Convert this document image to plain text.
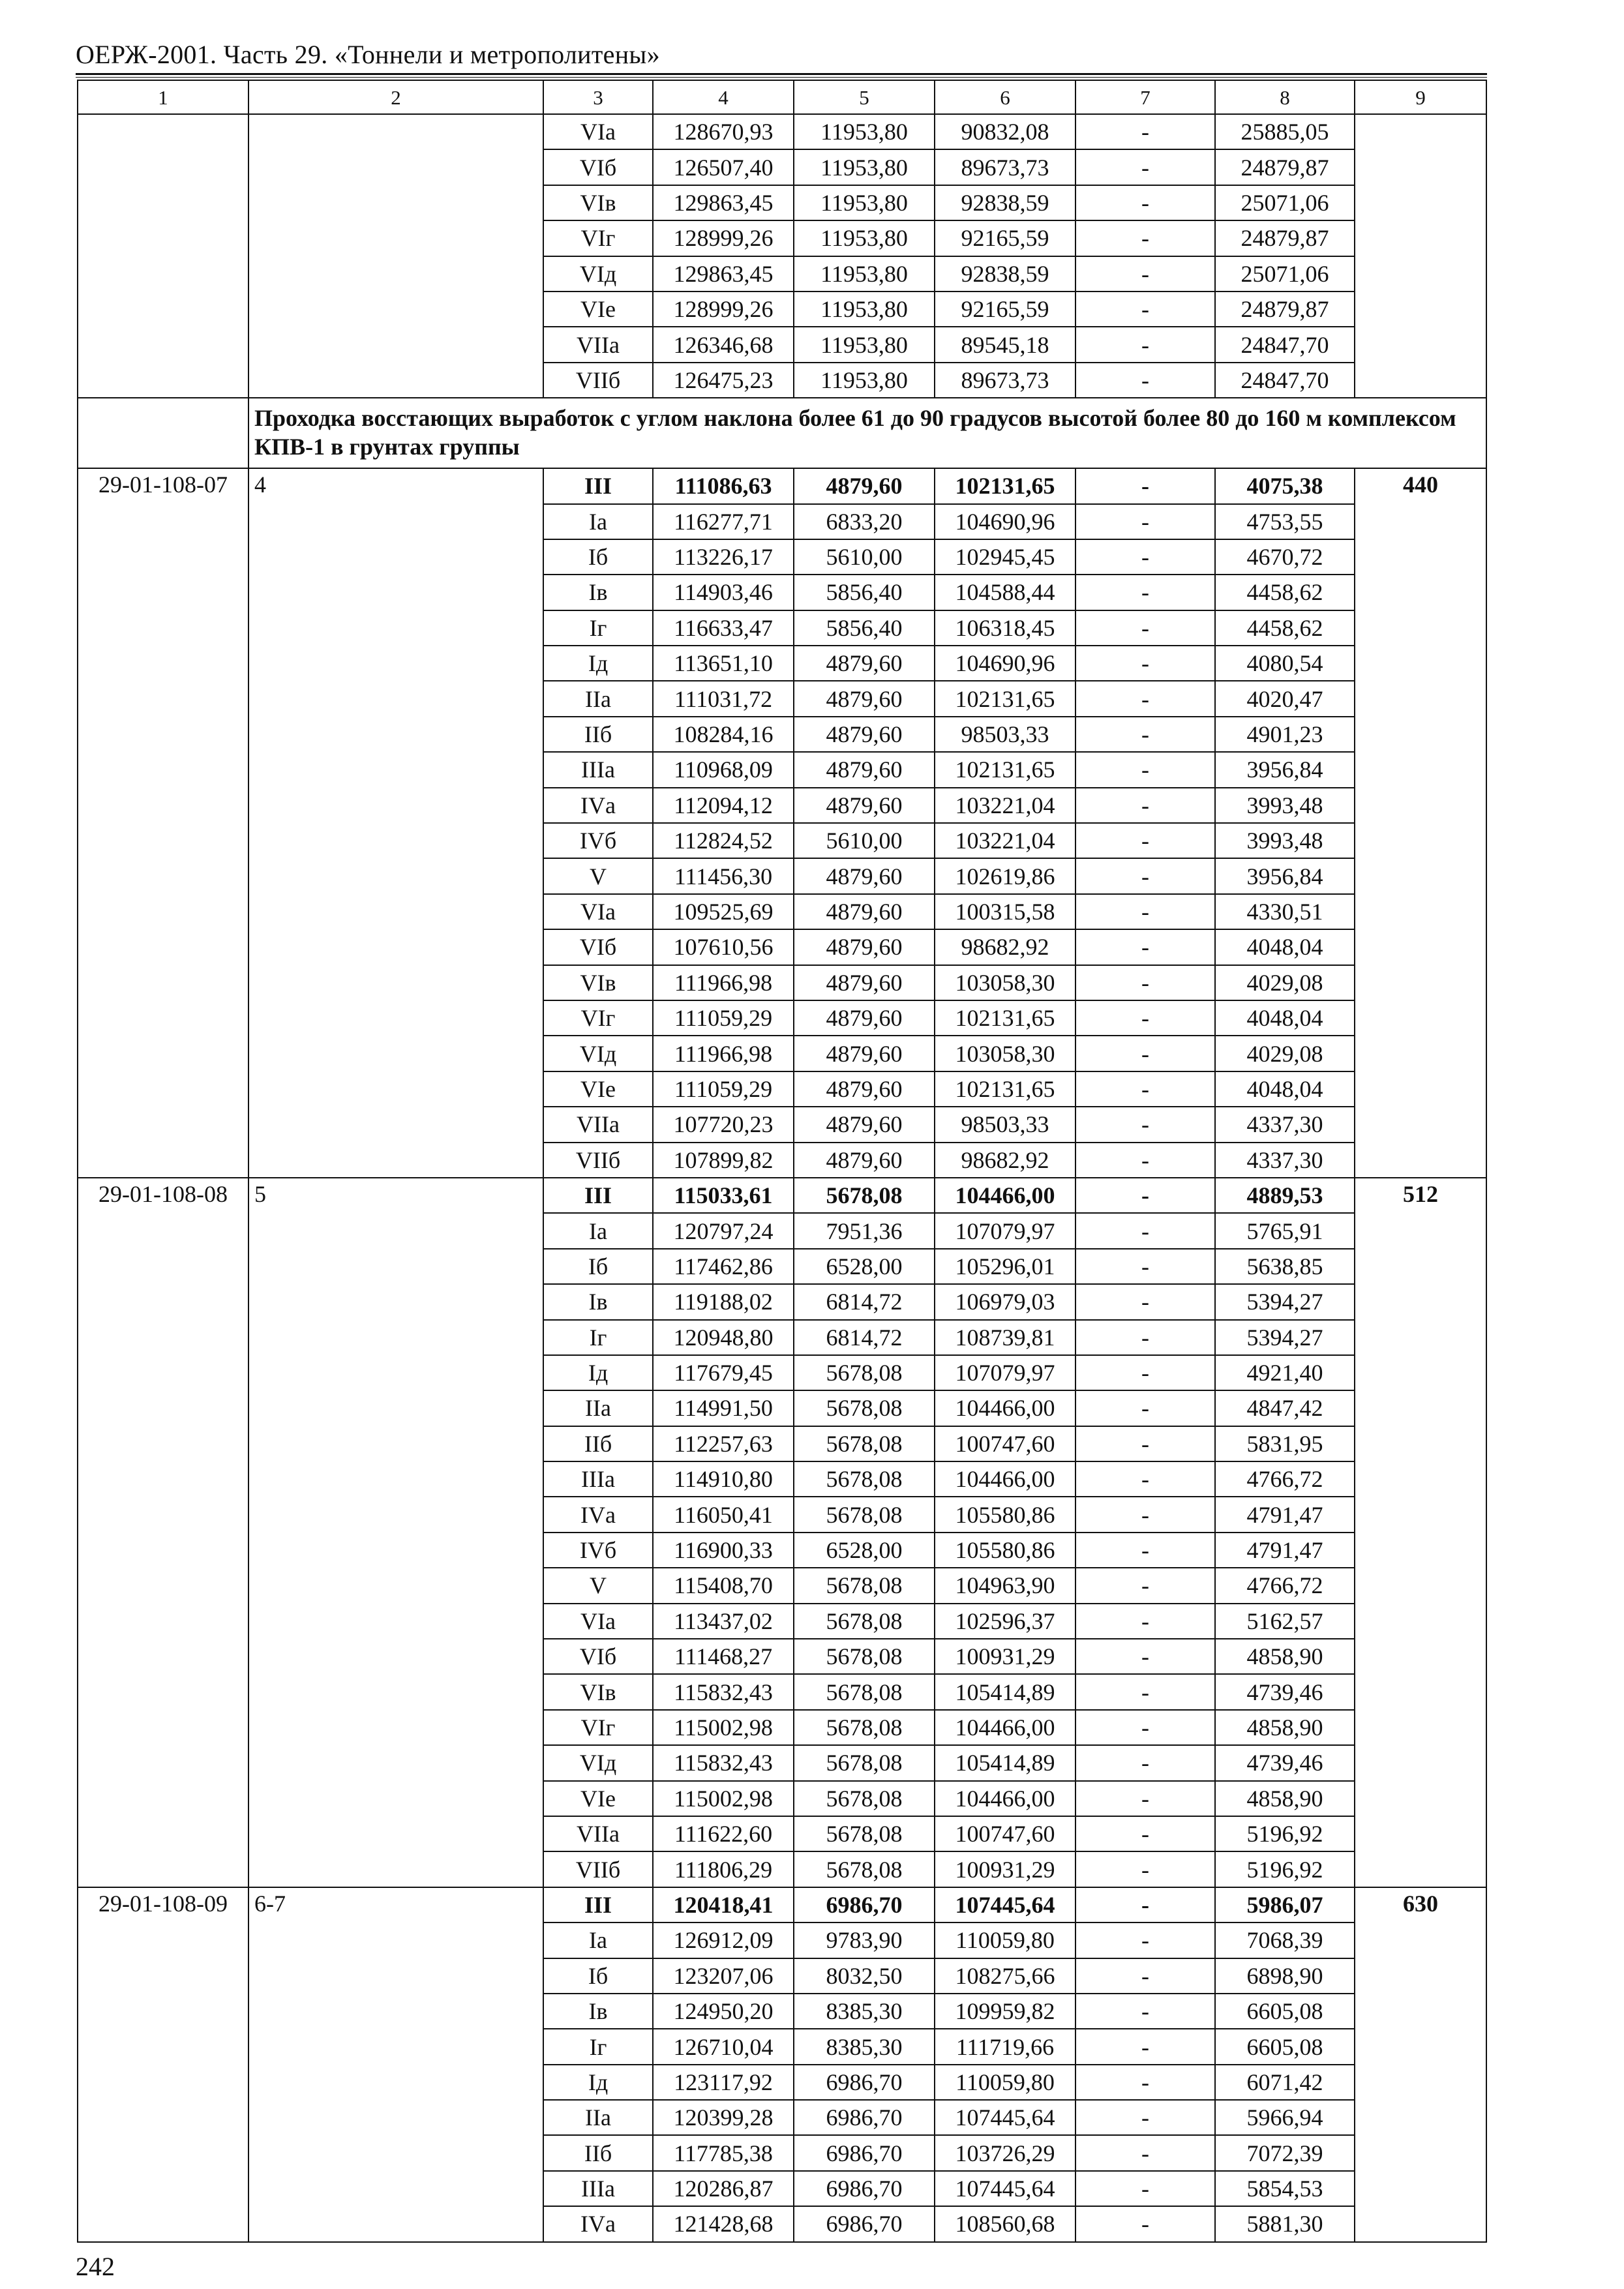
ОЕРЖ-2001. Часть 29. «Тоннели и метрополитены»
1	2	3	4	5	6	7	8	9
		VIа	128670,93	11953,80	90832,08	-	25885,05	
		VIб	126507,40	11953,80	89673,73	-	24879,87	
		VIв	129863,45	11953,80	92838,59	-	25071,06	
		VIг	128999,26	11953,80	92165,59	-	24879,87	
		VIд	129863,45	11953,80	92838,59	-	25071,06	
		VIе	128999,26	11953,80	92165,59	-	24879,87	
		VIIа	126346,68	11953,80	89545,18	-	24847,70	
		VIIб	126475,23	11953,80	89673,73	-	24847,70	
	Проходка восстающих выработок с углом наклона более 61 до 90 градусов высотой более 80 до 160 м комплексом КПВ-1 в грунтах группы							
29-01-108-07	4	III	111086,63	4879,60	102131,65	-	4075,38	440
		Iа	116277,71	6833,20	104690,96	-	4753,55	
		Iб	113226,17	5610,00	102945,45	-	4670,72	
		Iв	114903,46	5856,40	104588,44	-	4458,62	
		Iг	116633,47	5856,40	106318,45	-	4458,62	
		Iд	113651,10	4879,60	104690,96	-	4080,54	
		IIа	111031,72	4879,60	102131,65	-	4020,47	
		IIб	108284,16	4879,60	98503,33	-	4901,23	
		IIIа	110968,09	4879,60	102131,65	-	3956,84	
		IVа	112094,12	4879,60	103221,04	-	3993,48	
		IVб	112824,52	5610,00	103221,04	-	3993,48	
		V	111456,30	4879,60	102619,86	-	3956,84	
		VIа	109525,69	4879,60	100315,58	-	4330,51	
		VIб	107610,56	4879,60	98682,92	-	4048,04	
		VIв	111966,98	4879,60	103058,30	-	4029,08	
		VIг	111059,29	4879,60	102131,65	-	4048,04	
		VIд	111966,98	4879,60	103058,30	-	4029,08	
		VIе	111059,29	4879,60	102131,65	-	4048,04	
		VIIа	107720,23	4879,60	98503,33	-	4337,30	
		VIIб	107899,82	4879,60	98682,92	-	4337,30	
29-01-108-08	5	III	115033,61	5678,08	104466,00	-	4889,53	512
		Iа	120797,24	7951,36	107079,97	-	5765,91	
		Iб	117462,86	6528,00	105296,01	-	5638,85	
		Iв	119188,02	6814,72	106979,03	-	5394,27	
		Iг	120948,80	6814,72	108739,81	-	5394,27	
		Iд	117679,45	5678,08	107079,97	-	4921,40	
		IIа	114991,50	5678,08	104466,00	-	4847,42	
		IIб	112257,63	5678,08	100747,60	-	5831,95	
		IIIа	114910,80	5678,08	104466,00	-	4766,72	
		IVа	116050,41	5678,08	105580,86	-	4791,47	
		IVб	116900,33	6528,00	105580,86	-	4791,47	
		V	115408,70	5678,08	104963,90	-	4766,72	
		VIа	113437,02	5678,08	102596,37	-	5162,57	
		VIб	111468,27	5678,08	100931,29	-	4858,90	
		VIв	115832,43	5678,08	105414,89	-	4739,46	
		VIг	115002,98	5678,08	104466,00	-	4858,90	
		VIд	115832,43	5678,08	105414,89	-	4739,46	
		VIе	115002,98	5678,08	104466,00	-	4858,90	
		VIIа	111622,60	5678,08	100747,60	-	5196,92	
		VIIб	111806,29	5678,08	100931,29	-	5196,92	
29-01-108-09	6-7	III	120418,41	6986,70	107445,64	-	5986,07	630
		Iа	126912,09	9783,90	110059,80	-	7068,39	
		Iб	123207,06	8032,50	108275,66	-	6898,90	
		Iв	124950,20	8385,30	109959,82	-	6605,08	
		Iг	126710,04	8385,30	111719,66	-	6605,08	
		Iд	123117,92	6986,70	110059,80	-	6071,42	
		IIа	120399,28	6986,70	107445,64	-	5966,94	
		IIб	117785,38	6986,70	103726,29	-	7072,39	
		IIIа	120286,87	6986,70	107445,64	-	5854,53	
		IVа	121428,68	6986,70	108560,68	-	5881,30	
242
